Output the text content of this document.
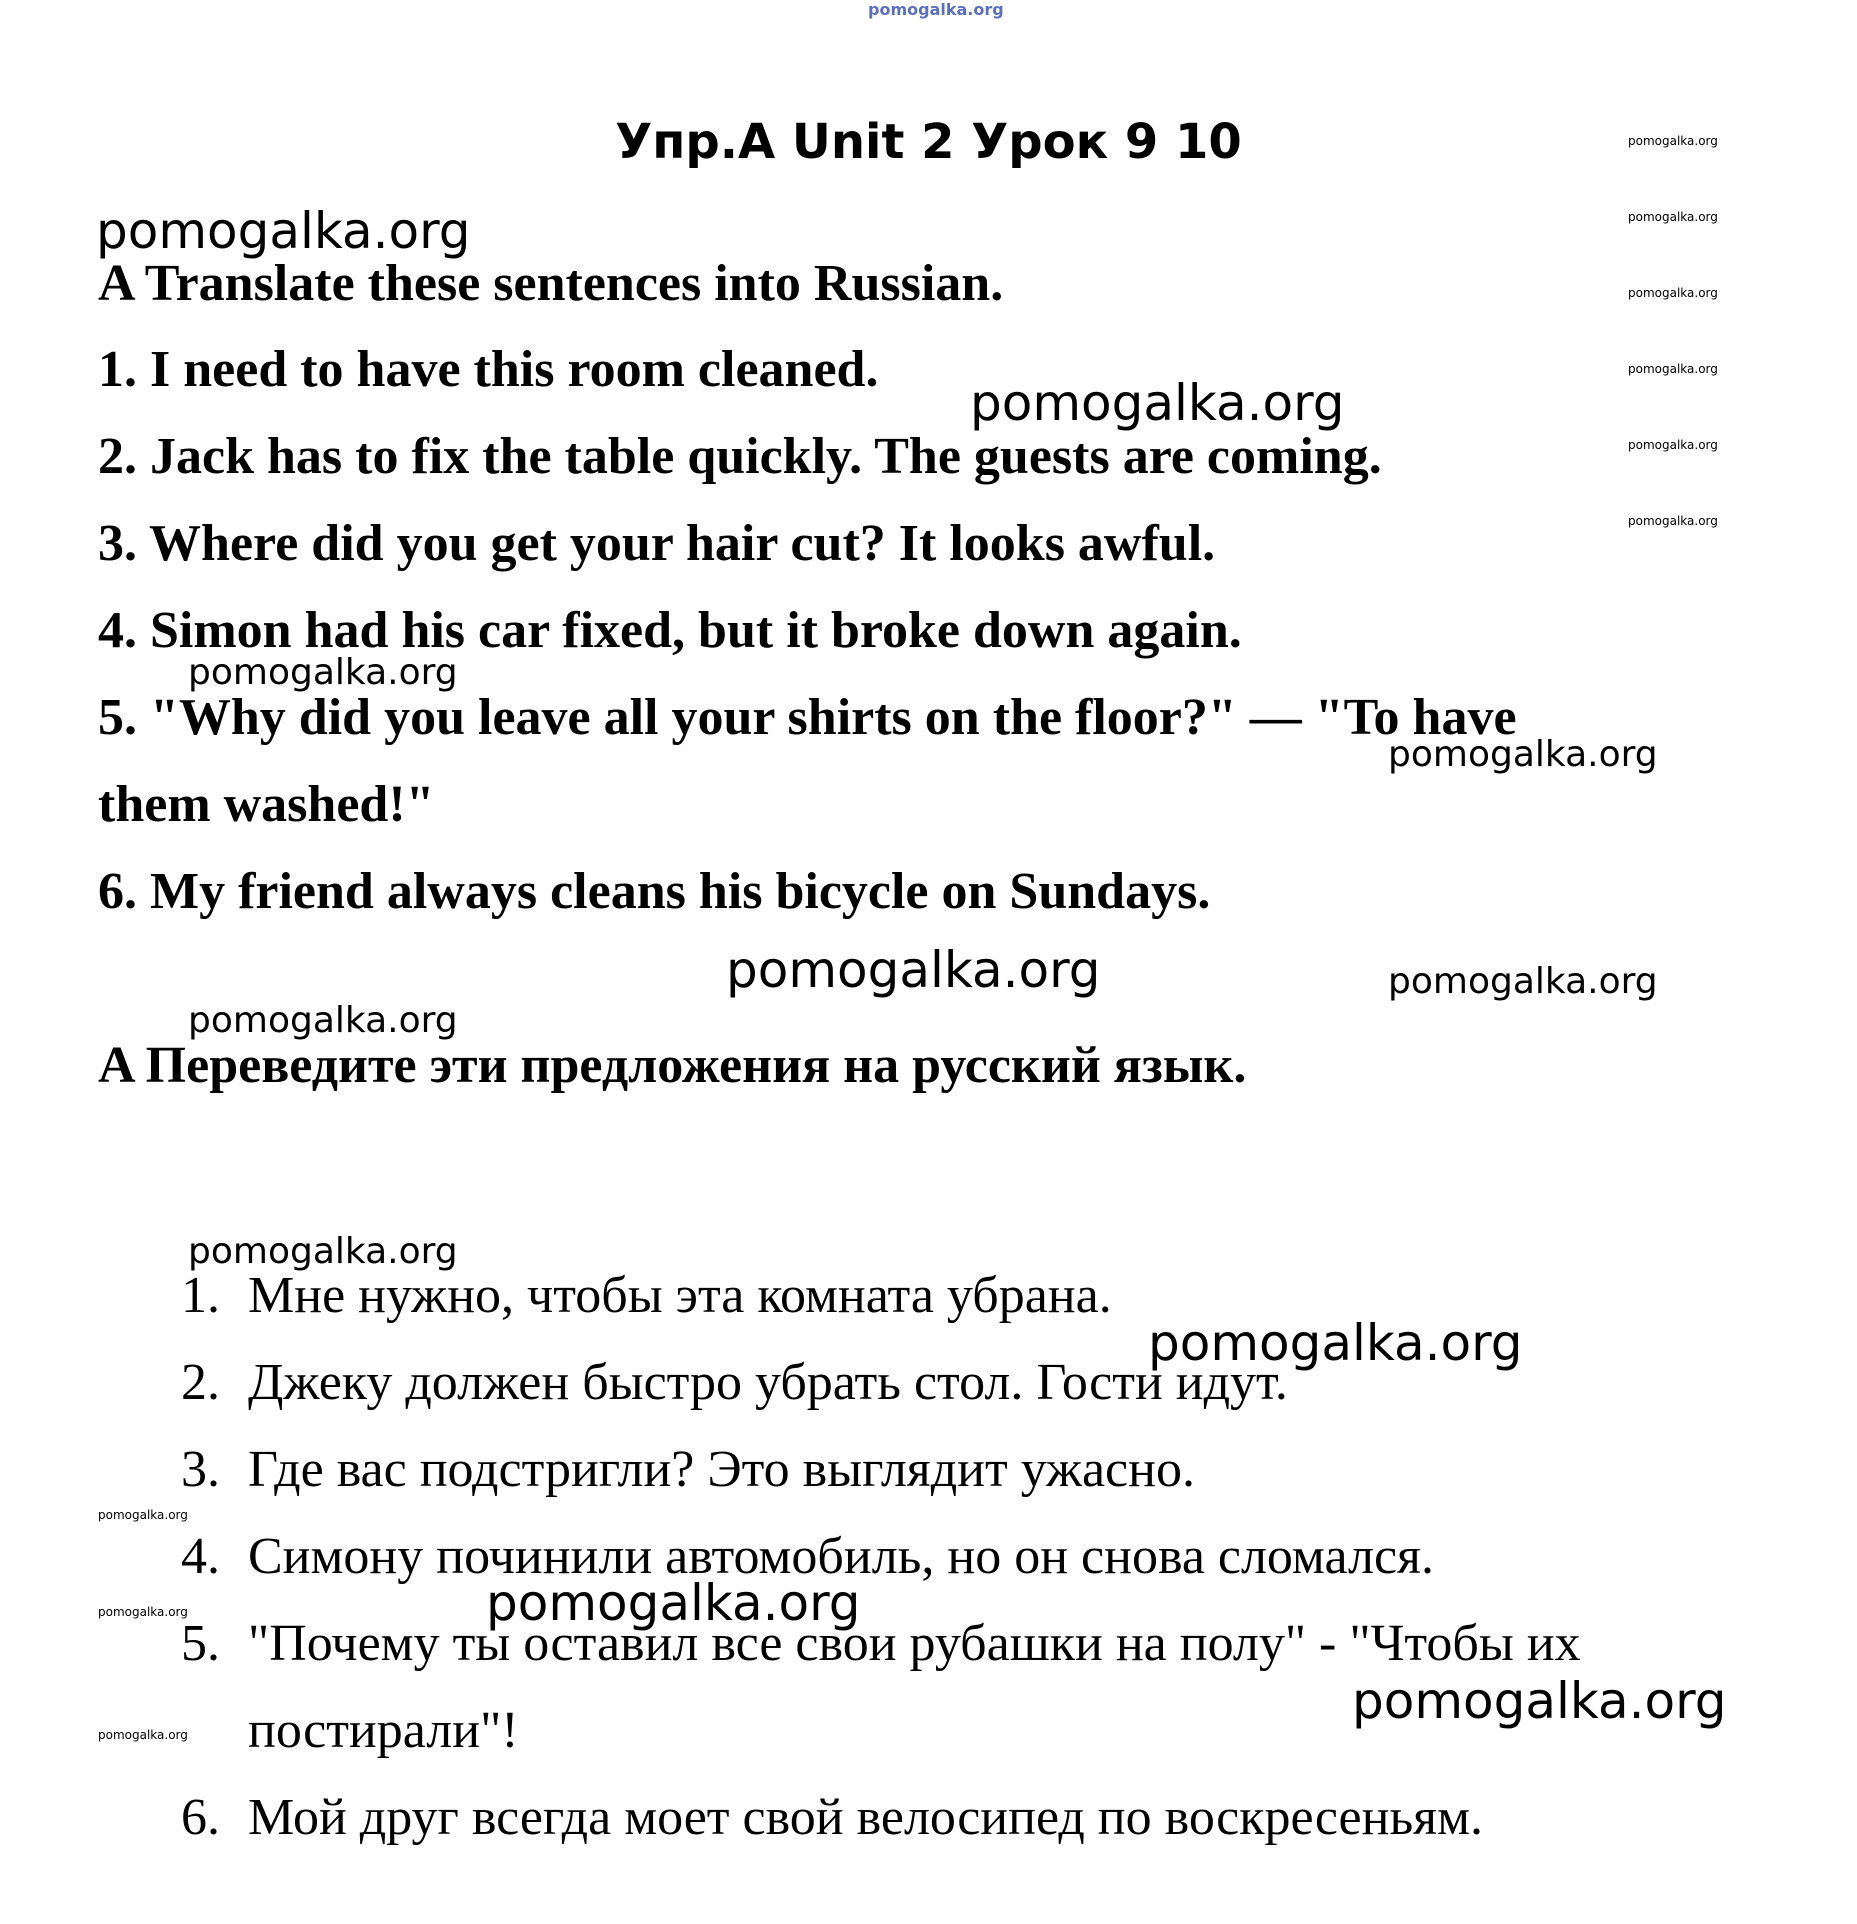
pomogalka.org
pomogalka.org
pomogalka.org
pomogalka.org
pomogalka.org
pomogalka.org
pomogalka.org
pomogalka.org
pomogalka.org
pomogalka.org
pomogalka.org
pomogalka.org
pomogalka.org
pomogalka.org
pomogalka.org
pomogalka.org
pomogalka.org
pomogalka.org
pomogalka.org
pomogalka.org
pomogalka.org
Упр.A Unit 2 Урок 9 10
A Translate these sentences into Russian.
1. I need to have this room cleaned.
2. Jack has to fix the table quickly. The guests are coming.
3. Where did you get your hair cut? It looks awful.
4. Simon had his car fixed, but it broke down again.
5. "Why did you leave all your shirts on the floor?" — "To have
them washed!"
6. My friend always cleans his bicycle on Sundays.
A Переведите эти предложения на русский язык.
1. Мне нужно, чтобы эта комната убрана.
2. Джеку должен быстро убрать стол. Гости идут.
3. Где вас подстригли? Это выглядит ужасно.
4. Симону починили автомобиль, но он снова сломался.
5. "Почему ты оставил все свои рубашки на полу" - "Чтобы их
постирали"!
6. Мой друг всегда моет свой велосипед по воскресеньям.
